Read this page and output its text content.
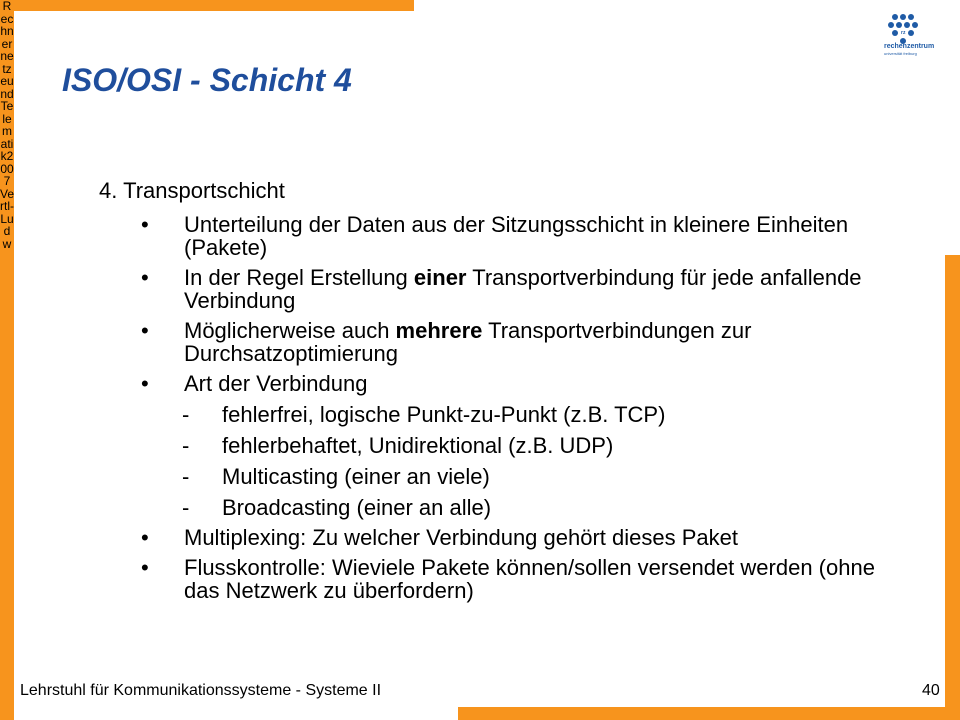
RechnernetzeundTelematik2007Vertl-Ludw
rz
rechenzentrum
universität freiburg
ISO/OSI - Schicht 4

4. Transportschicht

• Unterteilung der Daten aus der Sitzungsschicht in kleinere Einheiten (Pakete)
• In der Regel Erstellung einer Transportverbindung für jede anfallende Verbindung
• Möglicherweise auch mehrere Transportverbindungen zur Durchsatzoptimierung
• Art der Verbindung
- fehlerfrei, logische Punkt-zu-Punkt (z.B. TCP)
- fehlerbehaftet, Unidirektional (z.B. UDP)
- Multicasting (einer an viele)
- Broadcasting (einer an alle)
• Multiplexing: Zu welcher Verbindung gehört dieses Paket
• Flusskontrolle: Wieviele Pakete können/sollen versendet werden (ohne das Netzwerk zu überfordern)
Lehrstuhl für Kommunikationssysteme - Systeme II	40
